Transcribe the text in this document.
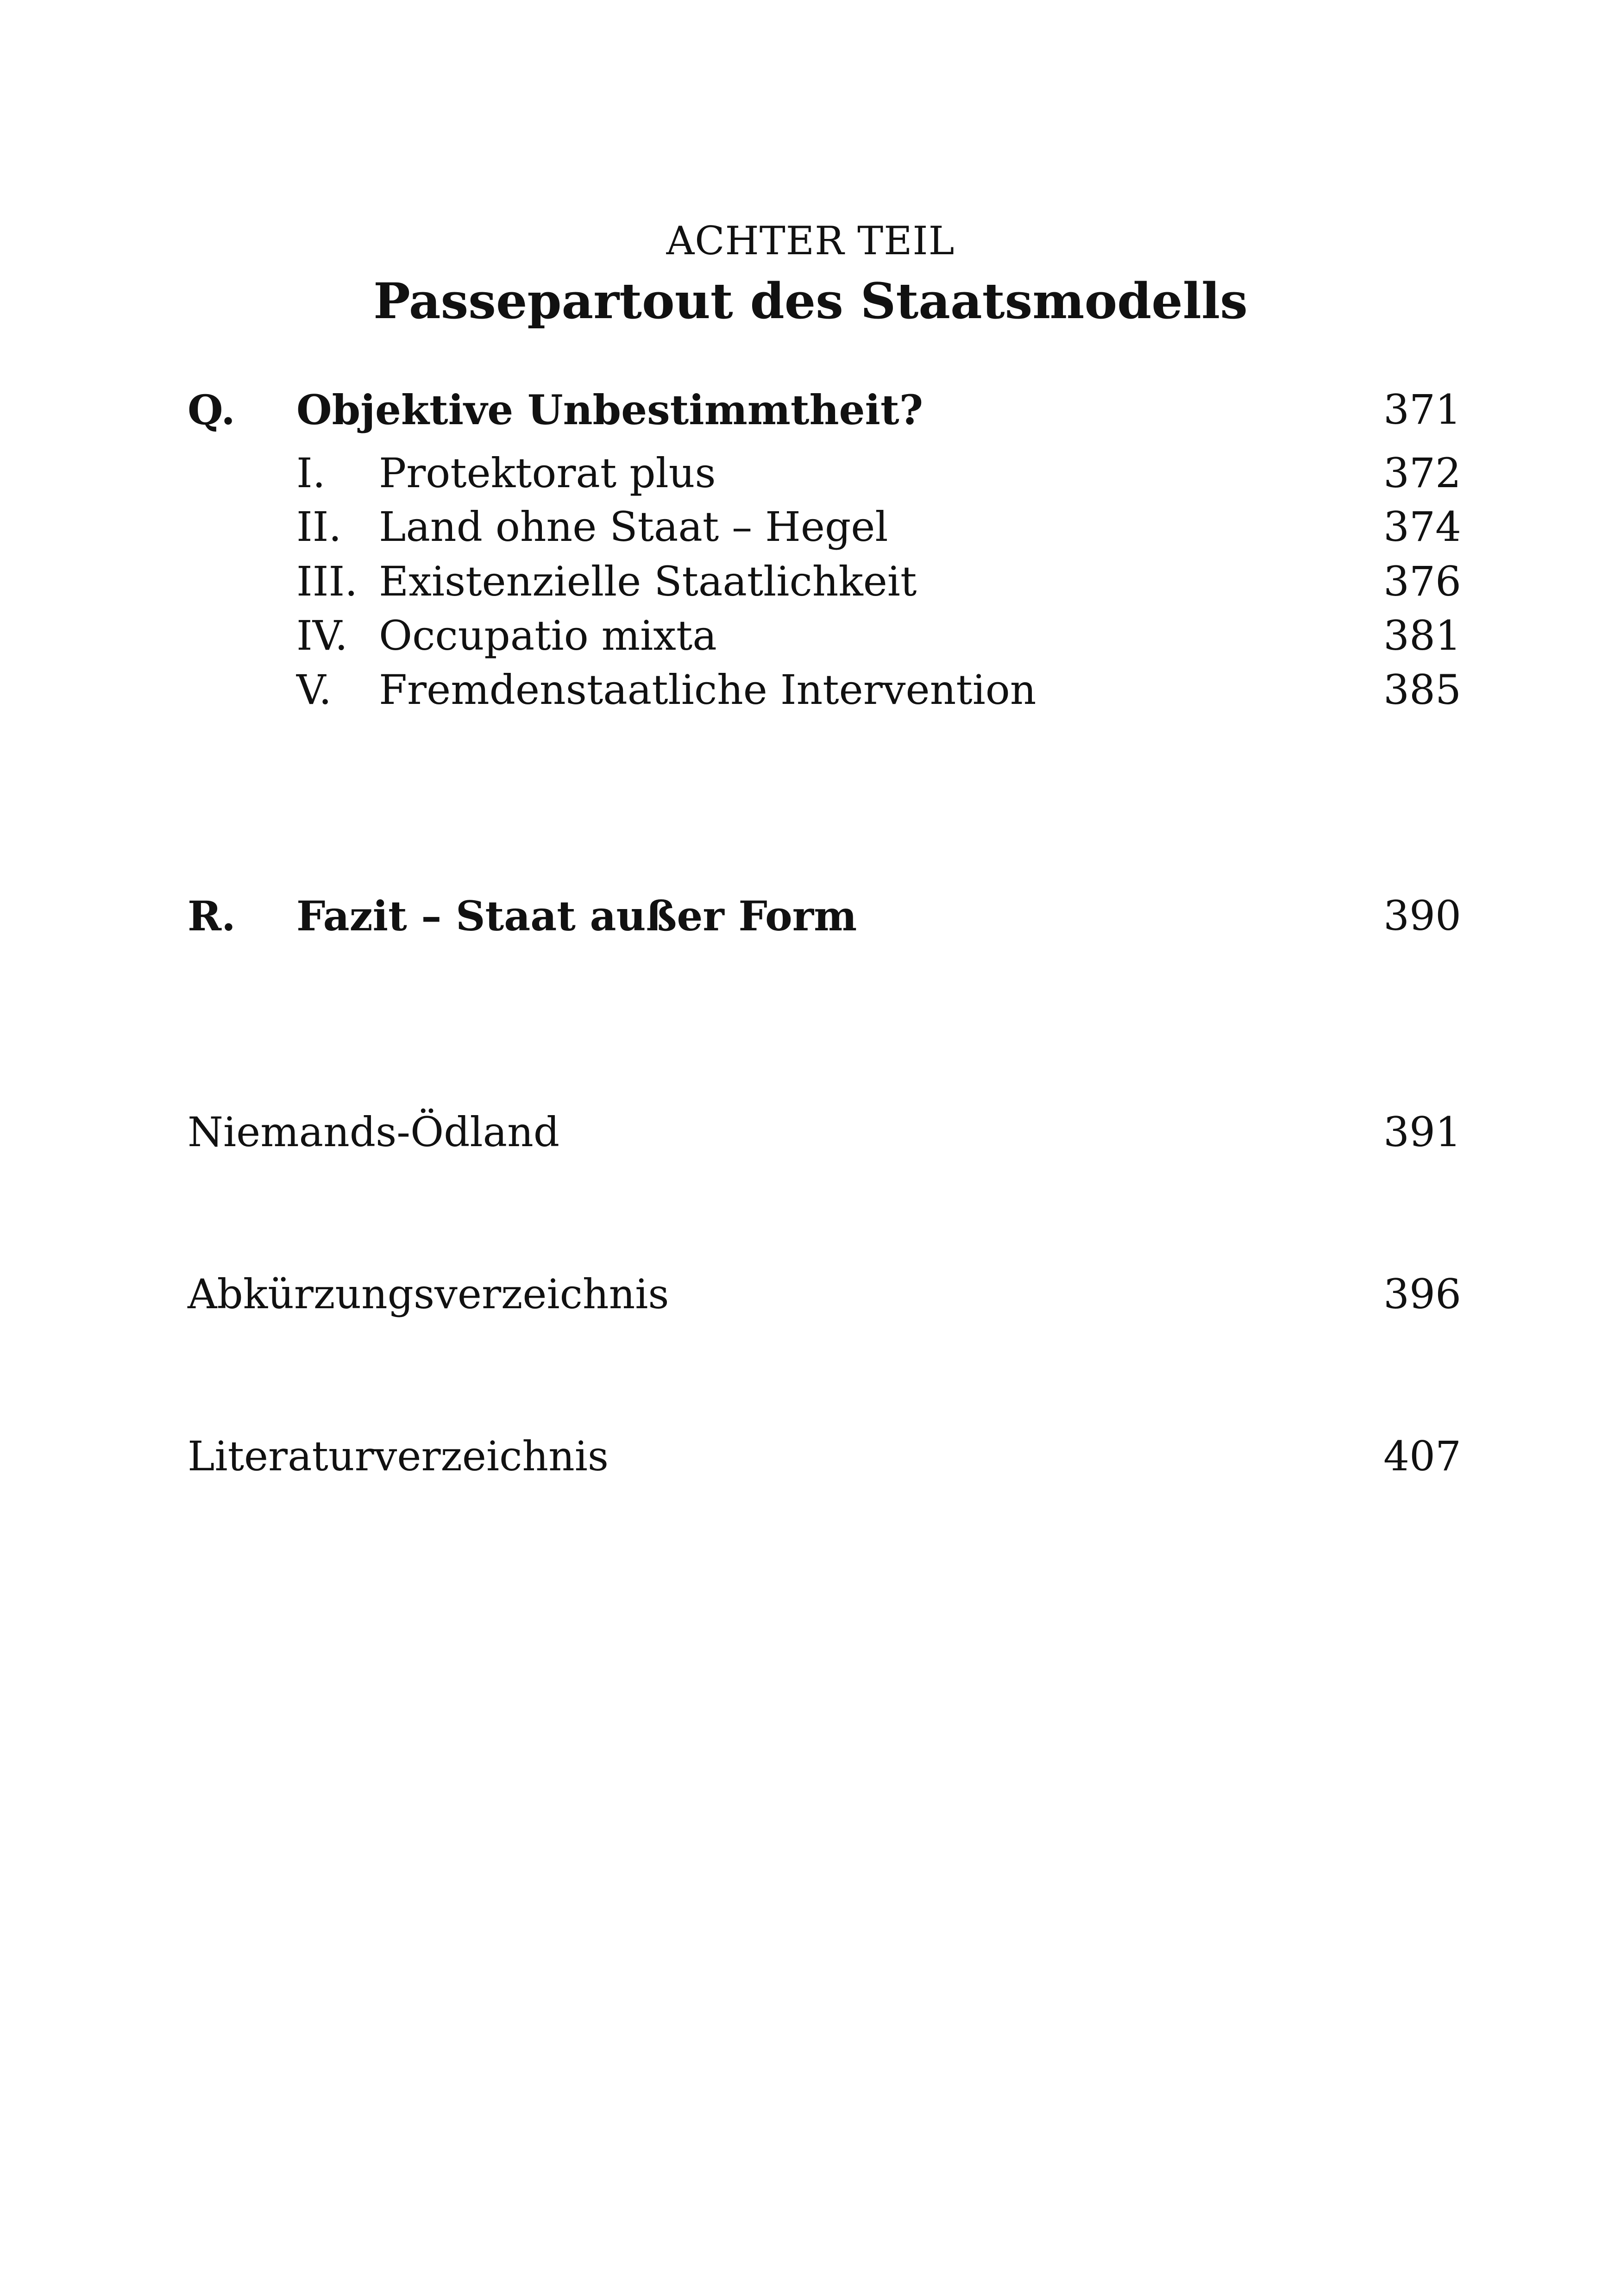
ACHTER TEIL
Passepartout des Staatsmodells
Q. Objektive Unbestimmtheit?	371
I. Protektorat plus	372
II. Land ohne Staat – Hegel	374
III. Existenzielle Staatlichkeit	376
IV. Occupatio mixta	381
V. Fremdenstaatliche Intervention	385
R. Fazit – Staat außer Form	390
Niemands-Ödland	391
Abkürzungsverzeichnis	396
Literaturverzeichnis	407
